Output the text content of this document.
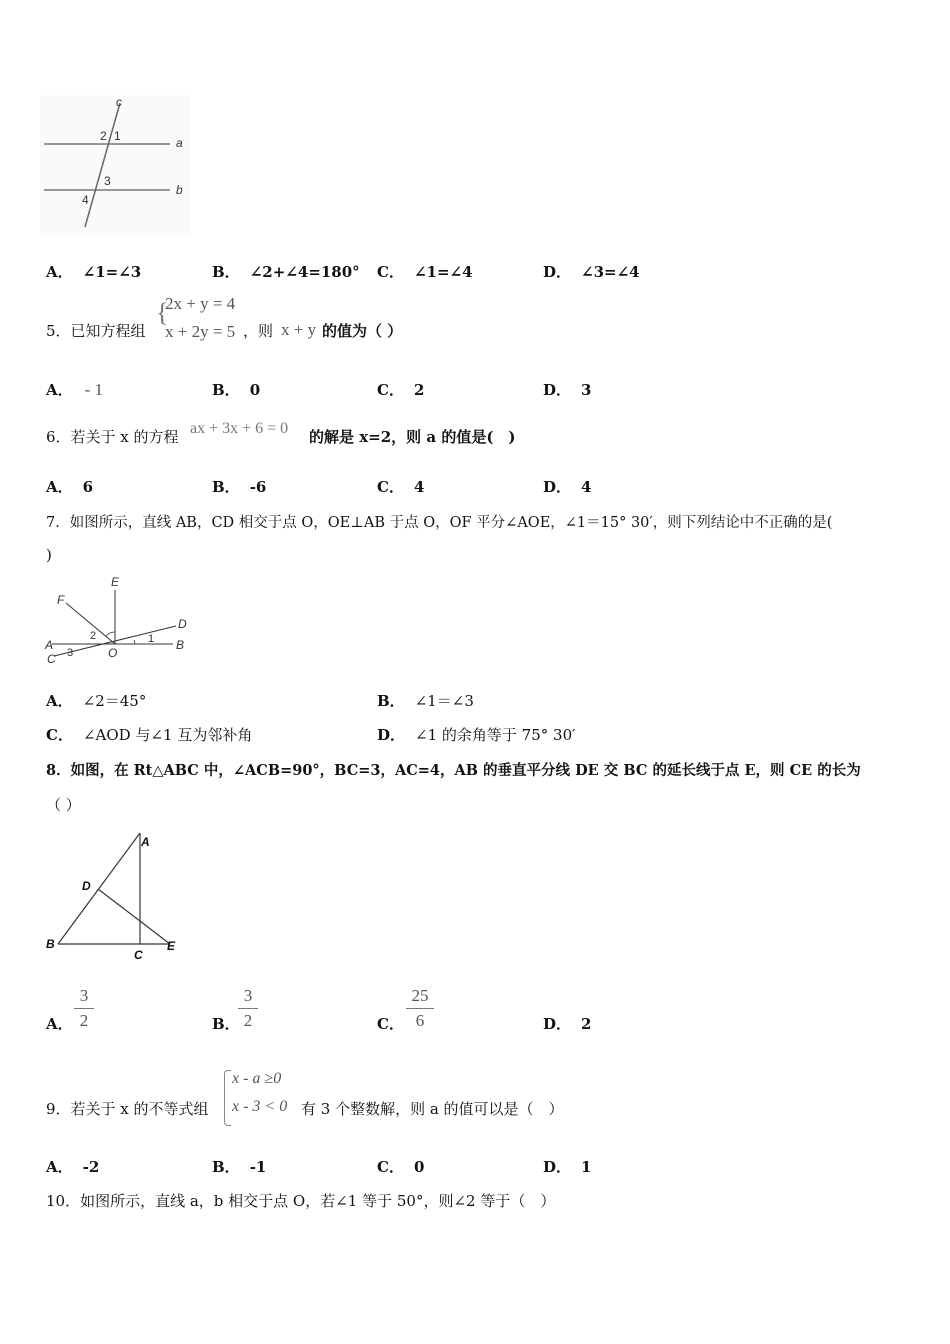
c
a
b
2 1
3
4
A． ∠1=∠3	B． ∠2+∠4=180° C． ∠1=∠4	D． ∠3=∠4
5．已知方程组
{
2x + y = 4
x + 2y = 5 ，则 x + y 的值为（ ）
A． - 1	B． 0	C． 2	D． 3
6．若关于 x 的方程 ax + 3x + 6 = 0 的解是 x=2，则 a 的值是(　)
A． 6	B． -6	C． 4	D． 4
7．如图所示，直线 AB，CD 相交于点 O，OE⊥AB 于点 O，OF 平分∠AOE，∠1＝15° 30′，则下列结论中不正确的是(
)
E
F
D
A	B
C	O
1
2
3
A． ∠2＝45°	B． ∠1＝∠3
C． ∠AOD 与∠1 互为邻补角	D． ∠1 的余角等于 75° 30′
8．如图，在 Rt△ABC 中，∠ACB=90°，BC=3，AC=4，AB 的垂直平分线 DE 交 BC 的延长线于点 E，则 CE 的长为
（ ）
A
B
C
D
E
A．
3
2	B．
3
2	C．
25
6	D． 2
9．若关于 x 的不等式组
x - a ≥0
x - 3 < 0 有 3 个整数解，则 a 的值可以是（　）
A． -2	B． -1	C． 0	D． 1
10．如图所示，直线 a，b 相交于点 O，若∠1 等于 50°，则∠2 等于（　）
